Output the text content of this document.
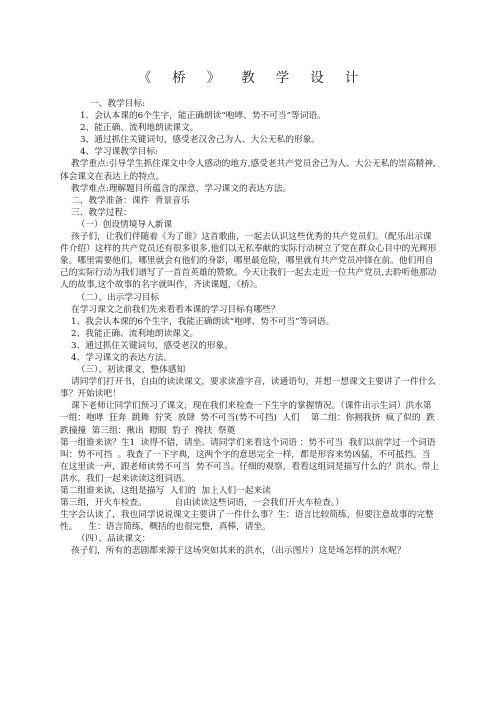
《桥》教学设计

一、教学目标:

1、会认本课的6个生字，能正确朗读“咆哮、势不可当”等词语。

2、能正确、流利地朗读课文。

3、通过抓住关键词句，感受老汉舍己为人、大公无私的形象。

4、学习课教学目标:

教学重点:引导学生抓住课文中令人感动的地方,感受老共产党员舍己为人、大公无私的崇高精神,体会课文在表达上的特点。

教学难点:理解题目所蕴含的深意，学习课文的表达方法。

二、教学准备：课件  背景音乐

三、教学过程：

（一）创设情境导入新课

孩子们，让我们伴随着《为了谁》这首歌曲，一起去认识这些优秀的共产党员们。（配乐出示课件介绍）这样的共产党员还有很多很多,他们以无私奉献的实际行动树立了党在群众心目中的光辉形象。哪里需要他们，哪里就会有他们的身影，哪里最危险，哪里就有共产党员冲锋在前。他们用自己的实际行动为我们谱写了一首首英雄的赞歌。今天让我们一起去走近一位共产党员,去聆听他那动人的故事,这个故事的名字就叫作，齐读课题，《桥》。

（二）、出示学习目标

在学习课文之前我们先来看看本课的学习目标有哪些？

1、我会认本课的6个生字，我能正确朗读“咆哮、势不可当”等词语。

2、我能正确、流利地朗读课文。

3、通过抓住关键词句，感受老汉的形象。

4、学习课文的表达方法。

（三）、初读课文，整体感知

请同学们打开书，自由的读读课文，要求读准字音，读通语句，并想一想课文主要讲了一件什么事？开始读吧！

课下老师让同学们预习了课文，现在我们来检查一下生字的掌握情况。（课件出示生词）洪水第一组：咆哮  狂奔  跳舞  狞笑  放肆  势不可当(势不可挡)  人们    第二组：你拥我挤  疯了似的  跌跌撞撞  第三组：揪出  瞪眼  豹子  搀扶  祭奠

第一组谁来读？生1  读得不错，请坐。请同学们来看这个词语 ：势不可当  我们以前学过一个词语叫：势不可挡  。我查了一下字典，这两个字的意思完全一样，都是形容来势凶猛，不可抵挡。当  在这里读一声，跟老师读势不可当  势不可当。仔细的观察，看看这组词是描写什么的？洪水。带上洪水，我们一起来读读这组词语。

第二组谁来读，这组是描写  人们的  加上人们一起来读

第三组，开火车检查。          自由读读这些词语，一会我们开火车检查。）

生字会认读了，我也同学说说课文主要讲了一件什么事？生：语言比较简练，但要注意故事的完整性。    生：语言简练，概括的也很完整，真棒，请坐。

（四）、品读课文：

孩子们，所有的悲剧都来源于这场突如其来的洪水，（出示图片）这是场怎样的洪水呢？
